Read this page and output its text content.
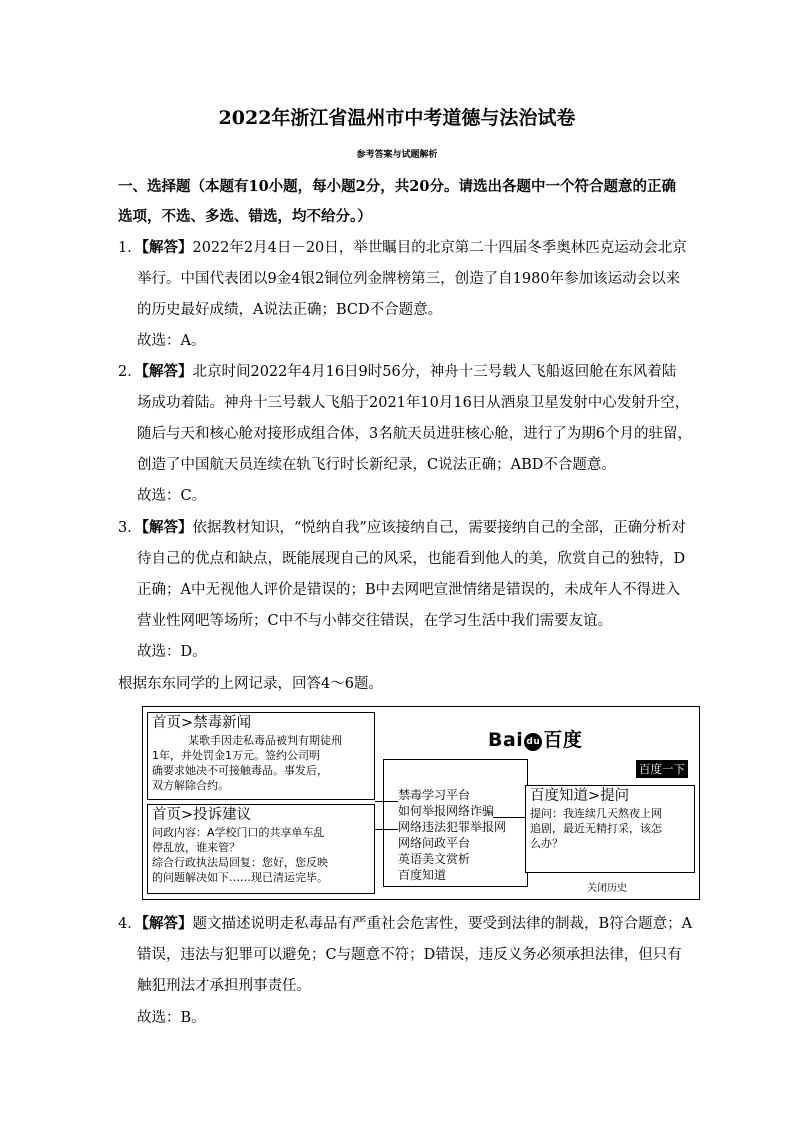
2022年浙江省温州市中考道德与法治试卷
参考答案与试题解析
一、选择题（本题有10小题，每小题2分，共20分。请选出各题中一个符合题意的正确
选项，不选、多选、错选，均不给分。）
1．【解答】2022年2月4日－20日，举世瞩目的北京第二十四届冬季奥林匹克运动会北京
举行。中国代表团以9金4银2铜位列金牌榜第三，创造了自1980年参加该运动会以来
的历史最好成绩，A说法正确；BCD不合题意。
故选：A。
2．【解答】北京时间2022年4月16日9时56分，神舟十三号载人飞船返回舱在东风着陆
场成功着陆。神舟十三号载人飞船于2021年10月16日从酒泉卫星发射中心发射升空，
随后与天和核心舱对接形成组合体，3名航天员进驻核心舱，进行了为期6个月的驻留，
创造了中国航天员连续在轨飞行时长新纪录，C说法正确；ABD不合题意。
故选：C。
3．【解答】依据教材知识，“悦纳自我”应该接纳自己，需要接纳自己的全部，正确分析对
待自己的优点和缺点，既能展现自己的风采，也能看到他人的美，欣赏自己的独特，D
正确；A中无视他人评价是错误的；B中去网吧宣泄情绪是错误的，未成年人不得进入
营业性网吧等场所；C中不与小韩交往错误，在学习生活中我们需要友谊。
故选：D。
根据东东同学的上网记录，回答4～6题。
首页>禁毒新闻
某歌手因走私毒品被判有期徒刑
1年，并处罚金1万元。签约公司明
确要求她决不可接触毒品。事发后，
双方解除合约。
首页>投诉建议
问政内容：A学校门口的共享单车乱
停乱放，谁来管？
综合行政执法局回复：您好，您反映
的问题解决如下……现已清运完毕。
Bai du 百度
百度一下
禁毒学习平台
如何举报网络诈骗
网络违法犯罪举报网
网络问政平台
英语美文赏析
百度知道
百度知道>提问
提问：我连续几天熬夜上网
追剧，最近无精打采，该怎
么办？
关闭历史
4．【解答】题文描述说明走私毒品有严重社会危害性，要受到法律的制裁，B符合题意；A
错误，违法与犯罪可以避免；C与题意不符；D错误，违反义务必须承担法律，但只有
触犯刑法才承担刑事责任。
故选：B。
